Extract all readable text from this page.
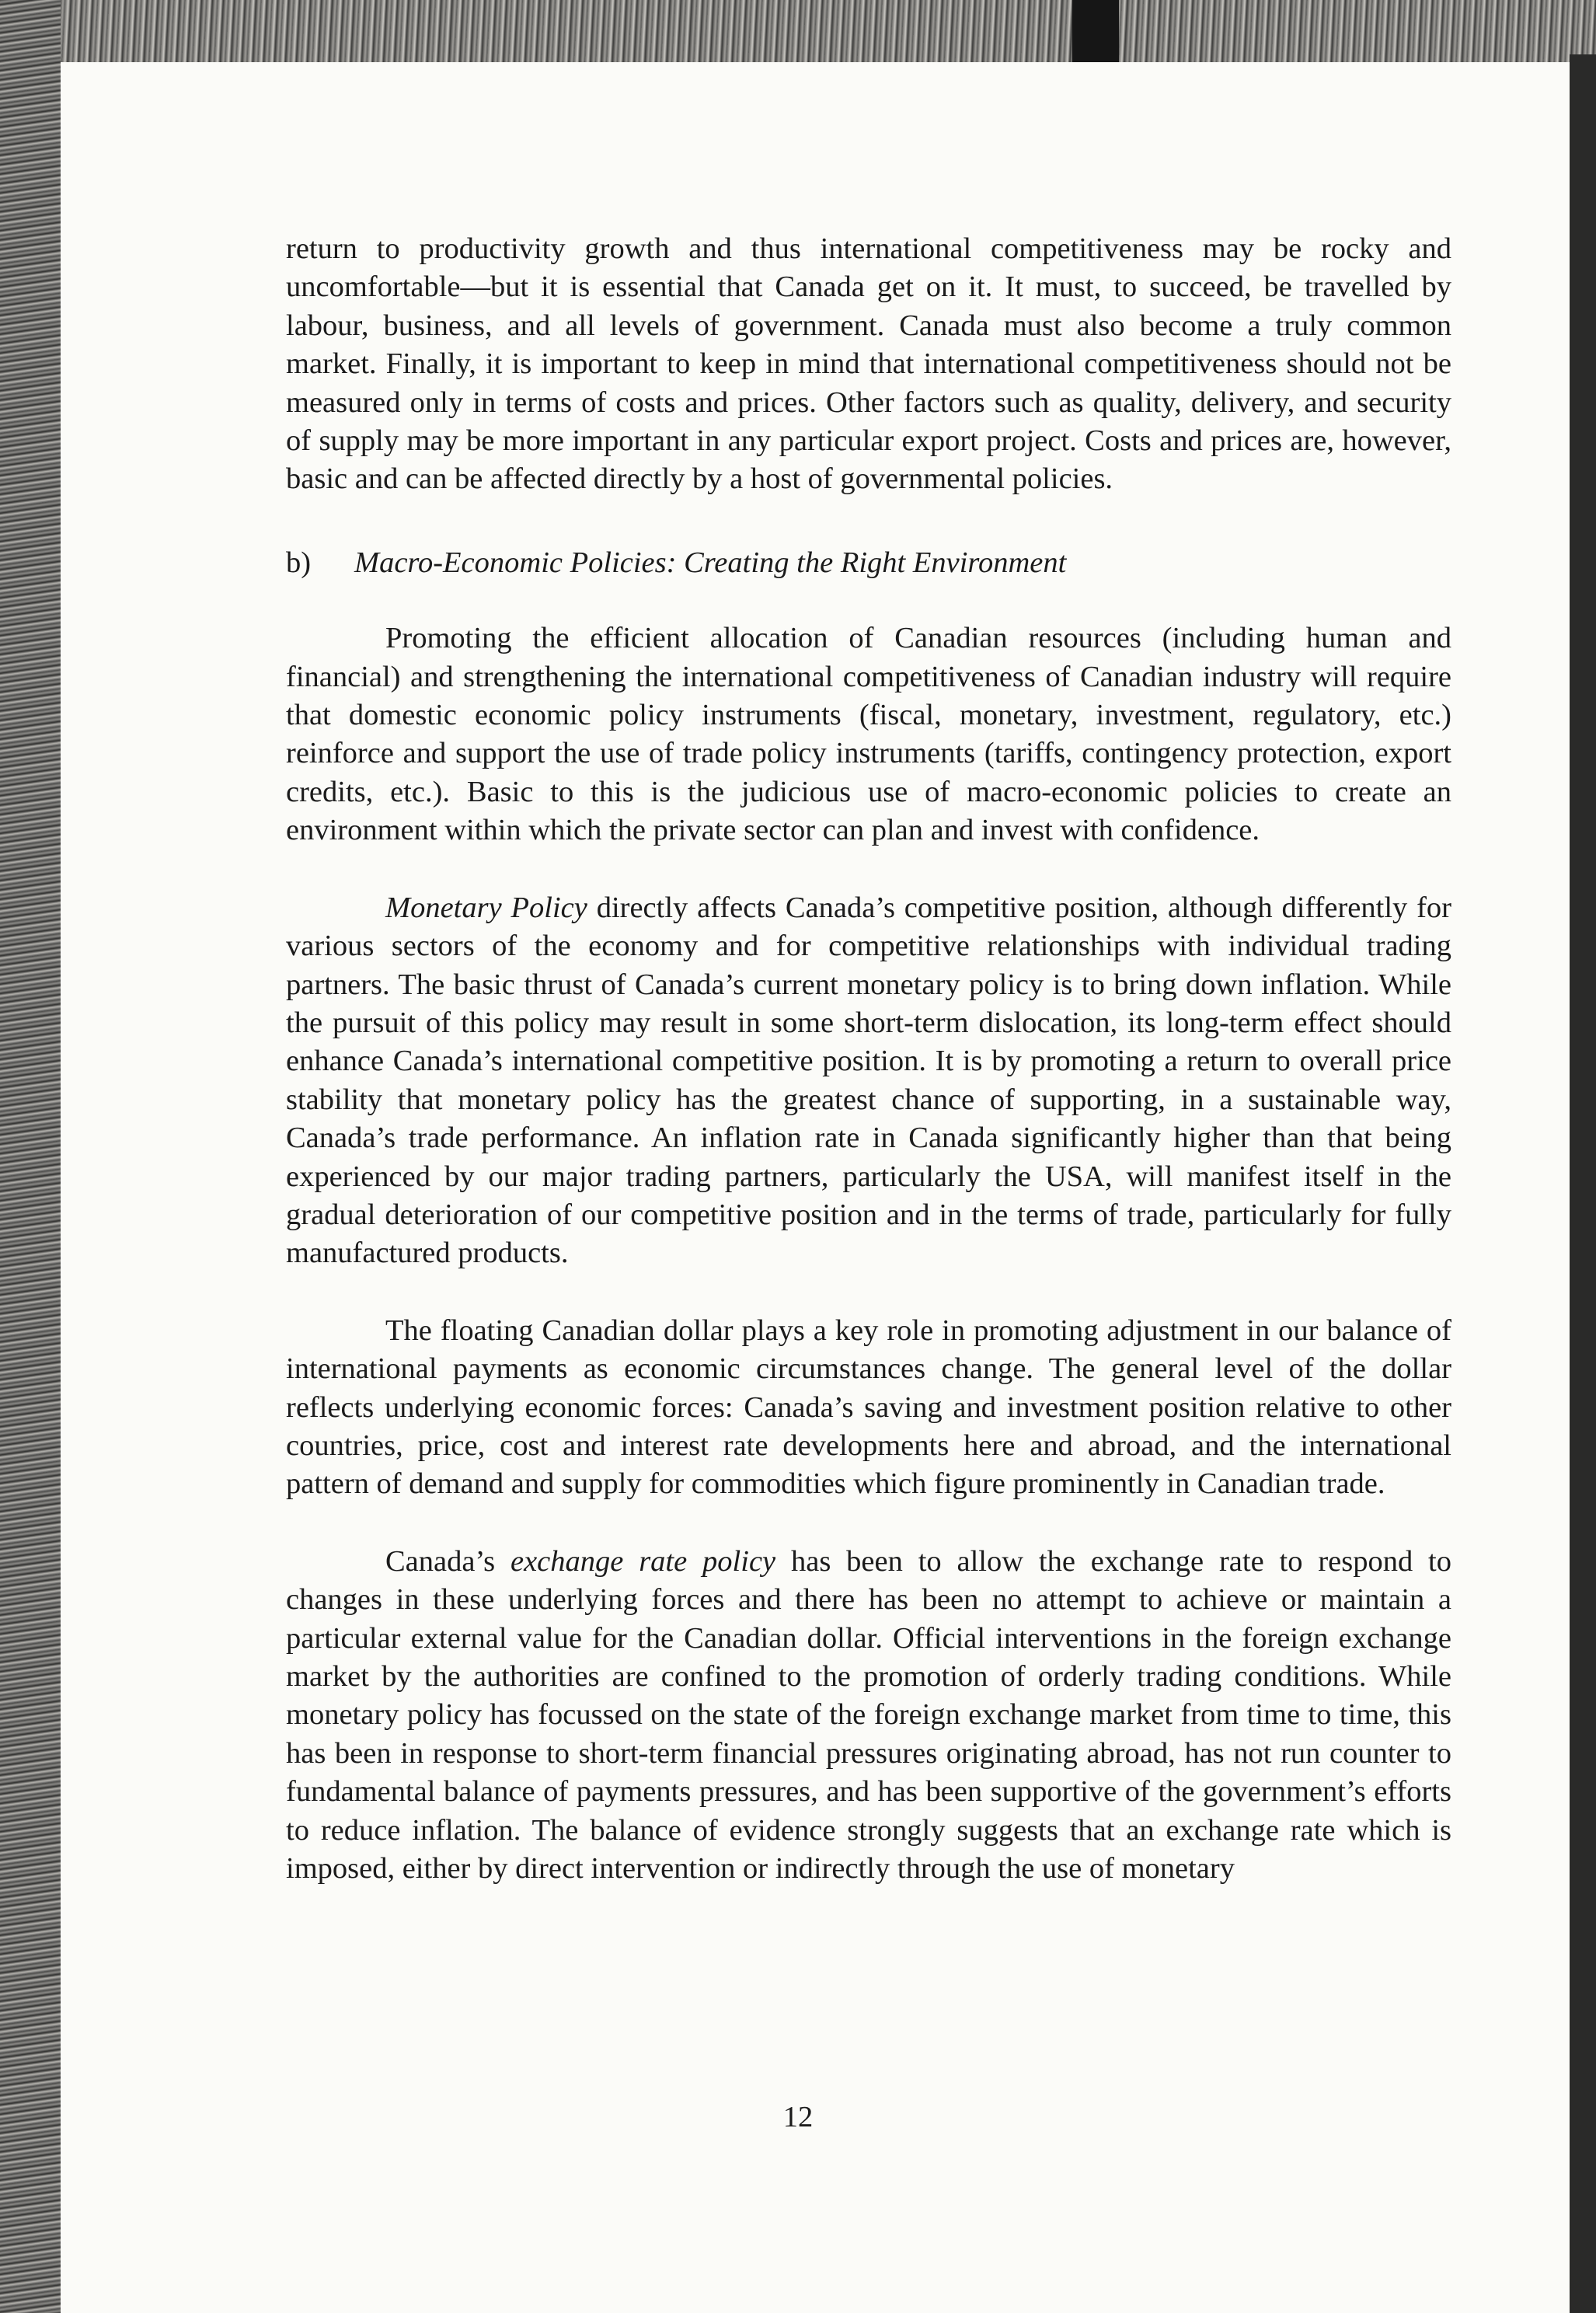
return to productivity growth and thus international competitiveness may be rocky and uncomfortable—but it is essential that Canada get on it. It must, to succeed, be travelled by labour, business, and all levels of government. Canada must also become a truly common market. Finally, it is important to keep in mind that international competitiveness should not be measured only in terms of costs and prices. Other factors such as quality, delivery, and security of supply may be more important in any particular export project. Costs and prices are, however, basic and can be affected directly by a host of governmental policies.

b) Macro-Economic Policies: Creating the Right Environment

Promoting the efficient allocation of Canadian resources (including human and financial) and strengthening the international competitiveness of Canadian industry will require that domestic economic policy instruments (fiscal, monetary, investment, regulatory, etc.) reinforce and support the use of trade policy instruments (tariffs, contingency protection, export credits, etc.). Basic to this is the judicious use of macro-economic policies to create an environment within which the private sector can plan and invest with confidence.

Monetary Policy directly affects Canada’s competitive position, although differently for various sectors of the economy and for competitive relationships with individual trading partners. The basic thrust of Canada’s current monetary policy is to bring down inflation. While the pursuit of this policy may result in some short-term dislocation, its long-term effect should enhance Canada’s international competitive position. It is by promoting a return to overall price stability that monetary policy has the greatest chance of supporting, in a sustainable way, Canada’s trade performance. An inflation rate in Canada significantly higher than that being experienced by our major trading partners, particularly the USA, will manifest itself in the gradual deterioration of our competitive position and in the terms of trade, particularly for fully manufactured products.

The floating Canadian dollar plays a key role in promoting adjustment in our balance of international payments as economic circumstances change. The general level of the dollar reflects underlying economic forces: Canada’s saving and investment position relative to other countries, price, cost and interest rate developments here and abroad, and the international pattern of demand and supply for commodities which figure prominently in Canadian trade.

Canada’s exchange rate policy has been to allow the exchange rate to respond to changes in these underlying forces and there has been no attempt to achieve or maintain a particular external value for the Canadian dollar. Official interventions in the foreign exchange market by the authorities are confined to the promotion of orderly trading conditions. While monetary policy has focussed on the state of the foreign exchange market from time to time, this has been in response to short-term financial pressures originating abroad, has not run counter to fundamental balance of payments pressures, and has been supportive of the government’s efforts to reduce inflation. The balance of evidence strongly suggests that an exchange rate which is imposed, either by direct intervention or indirectly through the use of monetary

12
